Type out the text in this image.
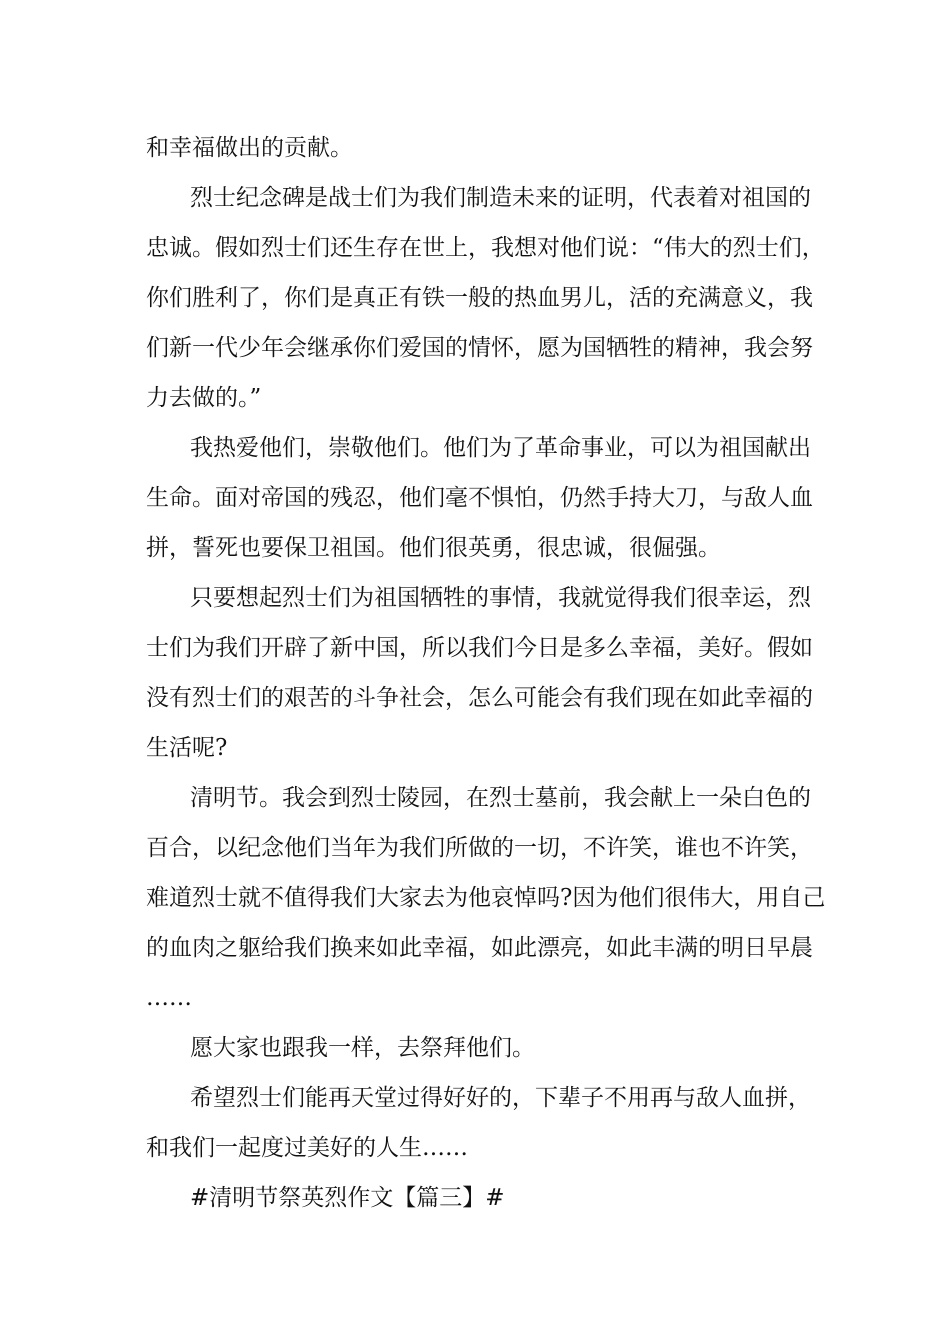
和幸福做出的贡献。
烈士纪念碑是战士们为我们制造未来的证明，代表着对祖国的
忠诚。假如烈士们还生存在世上，我想对他们说：“伟大的烈士们，
你们胜利了，你们是真正有铁一般的热血男儿，活的充满意义，我
们新一代少年会继承你们爱国的情怀，愿为国牺牲的精神，我会努
力去做的。”
我热爱他们，崇敬他们。他们为了革命事业，可以为祖国献出
生命。面对帝国的残忍，他们毫不惧怕，仍然手持大刀，与敌人血
拼，誓死也要保卫祖国。他们很英勇，很忠诚，很倔强。
只要想起烈士们为祖国牺牲的事情，我就觉得我们很幸运，烈
士们为我们开辟了新中国，所以我们今日是多么幸福，美好。假如
没有烈士们的艰苦的斗争社会，怎么可能会有我们现在如此幸福的
生活呢?
清明节。我会到烈士陵园，在烈士墓前，我会献上一朵白色的
百合，以纪念他们当年为我们所做的一切，不许笑，谁也不许笑，
难道烈士就不值得我们大家去为他哀悼吗?因为他们很伟大，用自己
的血肉之躯给我们换来如此幸福，如此漂亮，如此丰满的明日早晨
……
愿大家也跟我一样，去祭拜他们。
希望烈士们能再天堂过得好好的，下辈子不用再与敌人血拼，
和我们一起度过美好的人生……
#清明节祭英烈作文【篇三】#
